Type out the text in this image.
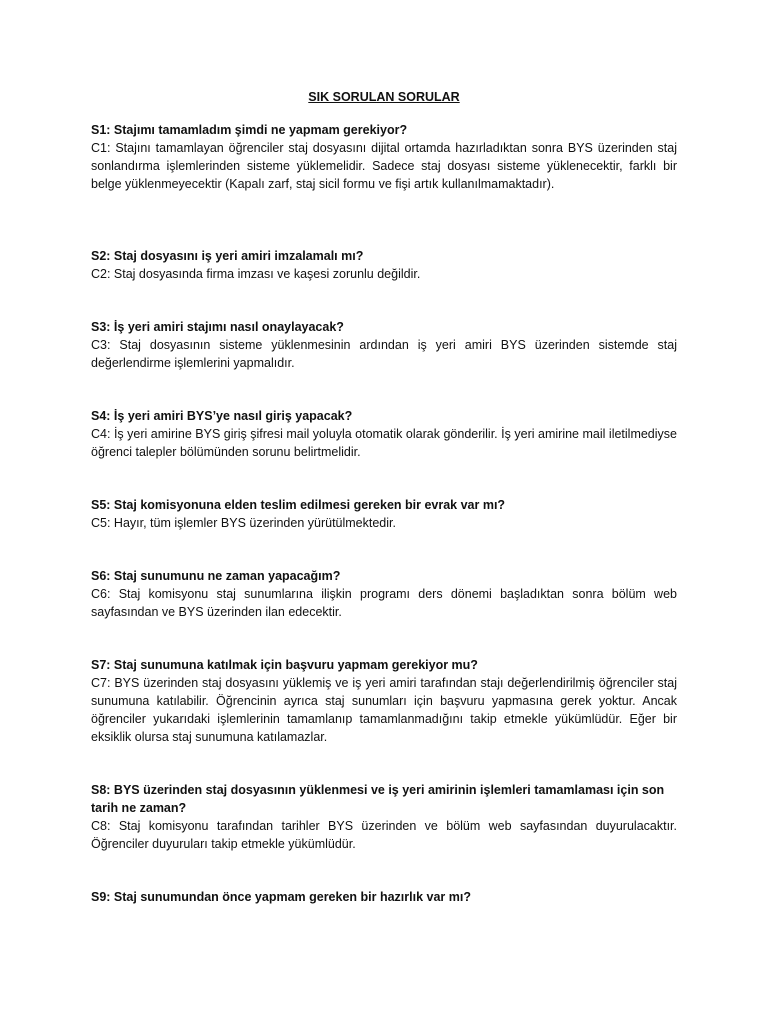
SIK SORULAN SORULAR

S1: Stajımı tamamladım şimdi ne yapmam gerekiyor?

C1: Stajını tamamlayan öğrenciler staj dosyasını dijital ortamda hazırladıktan sonra BYS üzerinden staj sonlandırma işlemlerinden sisteme yüklemelidir. Sadece staj dosyası sisteme yüklenecektir, farklı bir belge yüklenmeyecektir (Kapalı zarf, staj sicil formu ve fişi artık kullanılmamaktadır).

S2: Staj dosyasını iş yeri amiri imzalamalı mı?

C2: Staj dosyasında firma imzası ve kaşesi zorunlu değildir.

S3: İş yeri amiri stajımı nasıl onaylayacak?

C3: Staj dosyasının sisteme yüklenmesinin ardından iş yeri amiri BYS üzerinden sistemde staj değerlendirme işlemlerini yapmalıdır.

S4: İş yeri amiri BYS’ye nasıl giriş yapacak?

C4: İş yeri amirine BYS giriş şifresi mail yoluyla otomatik olarak gönderilir. İş yeri amirine mail iletilmediyse öğrenci talepler bölümünden sorunu belirtmelidir.

S5: Staj komisyonuna elden teslim edilmesi gereken bir evrak var mı?

C5: Hayır, tüm işlemler BYS üzerinden yürütülmektedir.

S6: Staj sunumunu ne zaman yapacağım?

C6: Staj komisyonu staj sunumlarına ilişkin programı ders dönemi başladıktan sonra bölüm web sayfasından ve BYS üzerinden ilan edecektir.

S7: Staj sunumuna katılmak için başvuru yapmam gerekiyor mu?

C7: BYS üzerinden staj dosyasını yüklemiş ve iş yeri amiri tarafından stajı değerlendirilmiş öğrenciler staj sunumuna katılabilir. Öğrencinin ayrıca staj sunumları için başvuru yapmasına gerek yoktur. Ancak öğrenciler yukarıdaki işlemlerinin tamamlanıp tamamlanmadığını takip etmekle yükümlüdür. Eğer bir eksiklik olursa staj sunumuna katılamazlar.

S8: BYS üzerinden staj dosyasının yüklenmesi ve iş yeri amirinin işlemleri tamamlaması için son tarih ne zaman?

C8: Staj komisyonu tarafından tarihler BYS üzerinden ve bölüm web sayfasından duyurulacaktır. Öğrenciler duyuruları takip etmekle yükümlüdür.

S9: Staj sunumundan önce yapmam gereken bir hazırlık var mı?
